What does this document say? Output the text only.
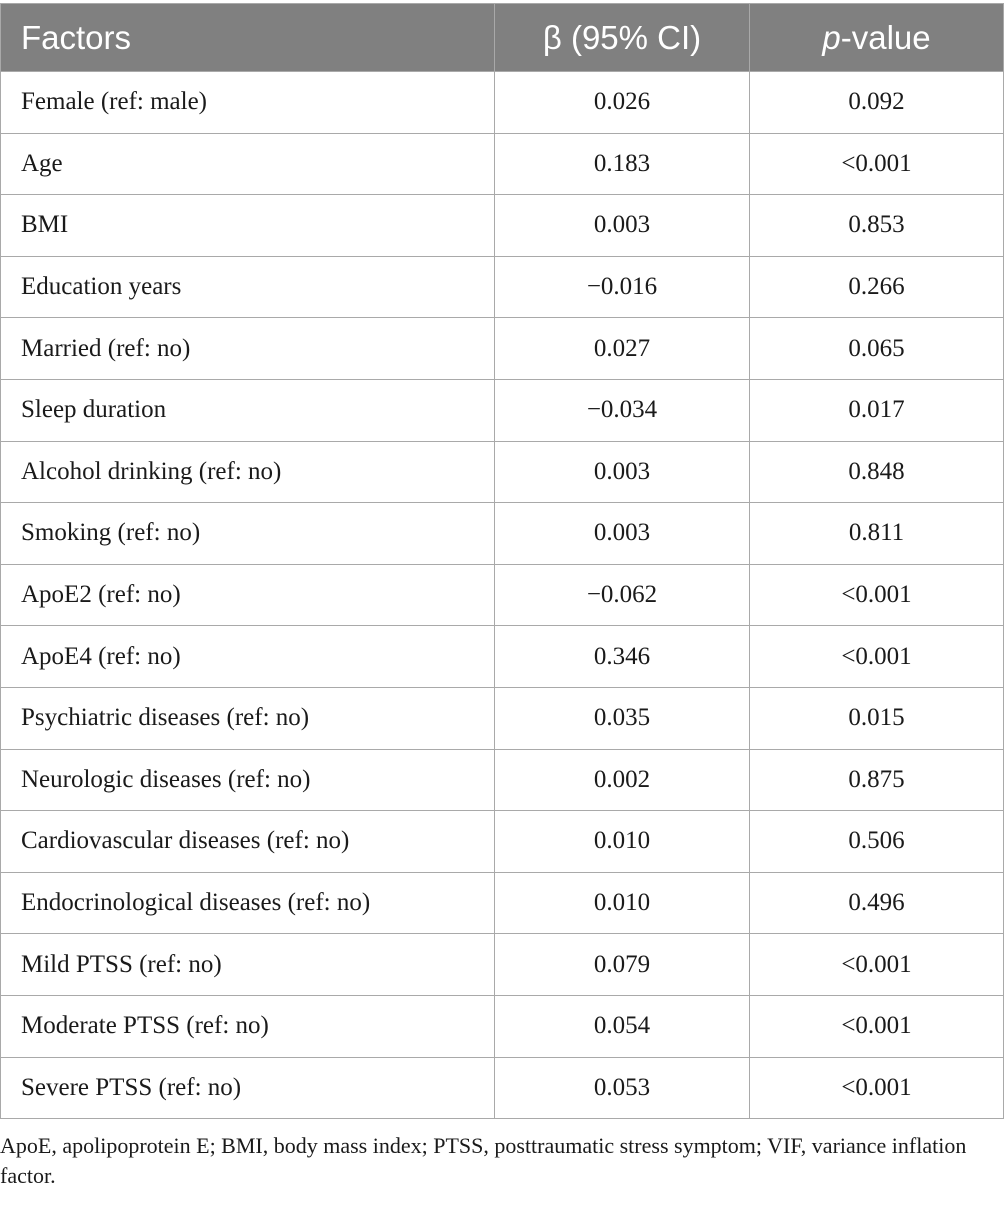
Factors	β (95% CI)	p-value
Female (ref: male)	0.026	0.092
Age	0.183	<0.001
BMI	0.003	0.853
Education years	−0.016	0.266
Married (ref: no)	0.027	0.065
Sleep duration	−0.034	0.017
Alcohol drinking (ref: no)	0.003	0.848
Smoking (ref: no)	0.003	0.811
ApoE2 (ref: no)	−0.062	<0.001
ApoE4 (ref: no)	0.346	<0.001
Psychiatric diseases (ref: no)	0.035	0.015
Neurologic diseases (ref: no)	0.002	0.875
Cardiovascular diseases (ref: no)	0.010	0.506
Endocrinological diseases (ref: no)	0.010	0.496
Mild PTSS (ref: no)	0.079	<0.001
Moderate PTSS (ref: no)	0.054	<0.001
Severe PTSS (ref: no)	0.053	<0.001

ApoE, apolipoprotein E; BMI, body mass index; PTSS, posttraumatic stress symptom; VIF, variance inflation factor.
